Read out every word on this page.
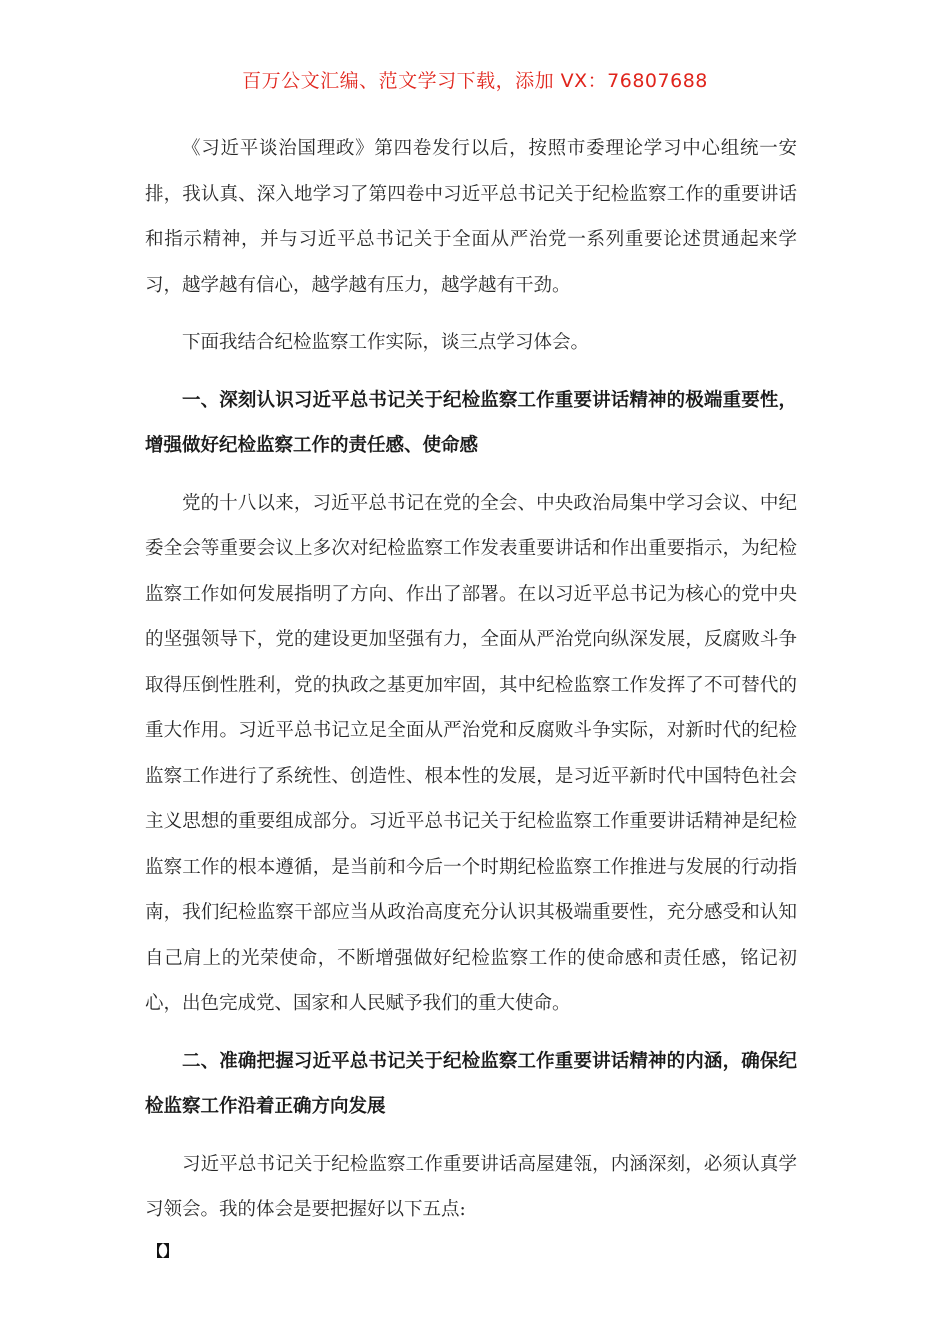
百万公文汇编、范文学习下载，添加 VX：76807688

《习近平谈治国理政》第四卷发行以后，按照市委理论学习中心组统一安排，我认真、深入地学习了第四卷中习近平总书记关于纪检监察工作的重要讲话和指示精神，并与习近平总书记关于全面从严治党一系列重要论述贯通起来学习，越学越有信心，越学越有压力，越学越有干劲。

下面我结合纪检监察工作实际，谈三点学习体会。

一、深刻认识习近平总书记关于纪检监察工作重要讲话精神的极端重要性，增强做好纪检监察工作的责任感、使命感

党的十八以来，习近平总书记在党的全会、中央政治局集中学习会议、中纪委全会等重要会议上多次对纪检监察工作发表重要讲话和作出重要指示，为纪检监察工作如何发展指明了方向、作出了部署。在以习近平总书记为核心的党中央的坚强领导下，党的建设更加坚强有力，全面从严治党向纵深发展，反腐败斗争取得压倒性胜利，党的执政之基更加牢固，其中纪检监察工作发挥了不可替代的重大作用。习近平总书记立足全面从严治党和反腐败斗争实际，对新时代的纪检监察工作进行了系统性、创造性、根本性的发展，是习近平新时代中国特色社会主义思想的重要组成部分。习近平总书记关于纪检监察工作重要讲话精神是纪检监察工作的根本遵循，是当前和今后一个时期纪检监察工作推进与发展的行动指南，我们纪检监察干部应当从政治高度充分认识其极端重要性，充分感受和认知自己肩上的光荣使命，不断增强做好纪检监察工作的使命感和责任感，铭记初心，出色完成党、国家和人民赋予我们的重大使命。

二、准确把握习近平总书记关于纪检监察工作重要讲话精神的内涵，确保纪检监察工作沿着正确方向发展

习近平总书记关于纪检监察工作重要讲话高屋建瓴，内涵深刻，必须认真学习领会。我的体会是要把握好以下五点:

【】
